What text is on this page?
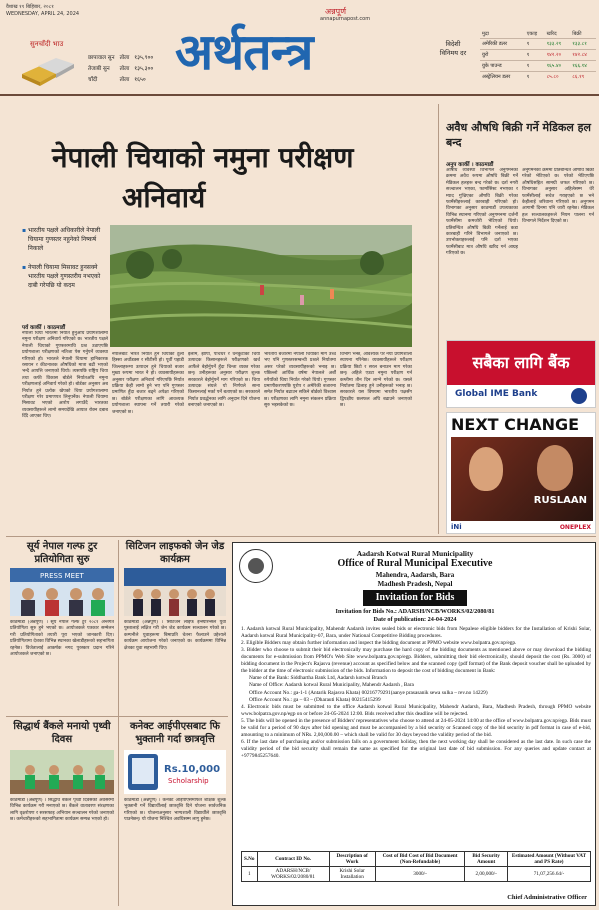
वैशाख ११ बिहिबार, २०८१
WEDNESDAY, APRIL 24, 2024
सुनचाँदी भाउ
छापावाल सुन	तोला	१३५,९००
तेजाबी सुन	तोला	१३५,३००
चाँदी	तोला	१६५०
अन्नपूर्ण
annapurnapost.com
अर्थतन्त्र	विदेशी विनिमय दर
मुद्रा	एकाइ	खरिद	बिक्री
अमेरिकी डलर	१	१३३.२१	१३३.८१
युरो	१	१४२.२०	१४२.८४
युके पाउन्ड	१	१६५.४०	१६६.१४
अस्ट्रेलियन डलर	१	८५.८०	८६.१९
नेपाली चियाको नमुना परीक्षण
अनिवार्य
▪ भारतीय पक्षले अधिकारीले नेपाली चियामा गुणस्तर नहुनेको निष्कर्ष निकाले
▪ नेपाली चियामा मिसावट हुनसक्ने भारतीय पक्षले गुणस्तरीय नभएको दाबी गरेपछि यो कदम
पर्व कार्की । काठमाडौं
नेपाली चिया भारतमा निर्यात हुनुअघि प्रयोगशालामा नमुना परीक्षण अनिवार्य गरिएको छ। भारतीय पक्षले नेपाली चियाको गुणस्तरमाथि प्रश्न उठाएपछि प्रयोगशाला परीक्षणको नतिजा पेस गर्नुपर्ने व्यवस्था गरिएको हो। भारतले नेपाली चियामा हानिकारक रसायन र कीटनाशक औषधिको मात्रा बढी भएको भन्दै आपत्ति जनाएको थियो। त्यसपछि राष्ट्रिय चिया तथा कफी विकास बोर्डले निर्यातअघि नमुना परीक्षणलाई अनिवार्य गरेको हो। बोर्डका अनुसार अब निर्यात हुने प्रत्येक खेपको चिया प्रयोगशालामा परीक्षण गरेर प्रमाणपत्र लिनुपर्नेछ। नेपाली चियामा मिसावट भएको आरोप लगाउँदै भारतका व्यवसायीहरूले लामो समयदेखि आयात रोक्न दबाब दिँदै आएका थिए।
नेपालबाट भारत निर्यात हुने चियाको ठूलो हिस्सा अर्थोडक्स र सीटीसी हो। पूर्वी पहाडी जिल्लाहरूमा उत्पादन हुने चियाको बजार मुख्य रूपमा भारत नै हो। व्यवसायीहरूका अनुसार परीक्षण अनिवार्य गरिएपछि निर्यात प्रक्रिया केही लामो हुने भए पनि गुणस्तर प्रमाणित हुँदा बजार बढ्ने अपेक्षा गरिएको छ। बोर्डले परीक्षणका लागि आवश्यक प्रयोगशाला स्थापना गर्ने तयारी गरेको जनाएको छ।
इलाम, झापा, पाँचथर र धनकुटाका चिया उत्पादक किसानहरूले परीक्षणको खर्च आफैंले बेहोर्नुपर्ने हुँदा चिन्ता व्यक्त गरेका छन्। उनीहरूका अनुसार परीक्षण शुल्क सरकारले बेहोर्नुपर्ने माग गरिएको छ। चिया उत्पादक संघले यो निर्णयले साना किसानलाई मर्का पर्ने बताएको छ। सरकारले निर्यात प्रवर्द्धनका लागि अनुदान दिने योजना बनाएको जनाएको छ।
भारतीय बजारमा नेपाली चियाको माग उच्च भए पनि गुणस्तरसम्बन्धी प्रश्नले निर्यातमा असर परेको व्यवसायीहरूको भनाइ छ। पछिल्लो आर्थिक वर्षमा नेपालले अर्बौं रुपैयाँको चिया निर्यात गरेको थियो। गुणस्तर प्रमाणीकरणपछि युरोप र अमेरिकी बजारमा समेत निर्यात बढाउन सकिने बोर्डको विश्वास छ। परीक्षणका लागि नमुना संकलन प्रक्रिया सुरु भइसकेको छ।
विभाग भन्छ, आवश्यक परे नयाँ प्रयोगशाला स्थापना गरिनेछ। व्यवसायीहरूले परीक्षण प्रक्रिया छिटो र सरल बनाउन माग गरेका छन्। अहिले एउटा नमुना परीक्षण गर्न कम्तीमा तीन दिन लाग्ने गरेको छ। यसले निर्यातमा ढिलाइ हुने उनीहरूको भनाइ छ। सरकारले यस विषयमा भारतीय पक्षसँग द्विपक्षीय छलफल अघि बढाउने जनाएको छ।
अवैध औषधि बिक्री गर्ने मेडिकल हल बन्द
अनुप कार्की । काठमाडौं
औषधि व्यवस्था विभागले अनुगमनका क्रममा अवैध रूपमा औषधि बिक्री गर्ने मेडिकल हलहरू बन्द गरेको छ। दर्ता नगरी सञ्चालन भएका, फार्मासिस्ट नभएका र म्याद गुज्रिएका औषधि बिक्री गरेका फार्मेसीहरूलाई कारबाही गरिएको हो। विभागका अनुसार काठमाडौं उपत्यकाका विभिन्न स्थानमा गरिएको अनुगमनमा दर्जनौं फार्मेसीमा कमजोरी भेटिएको थियो। प्रतिबन्धित औषधि बिक्री गर्नेलाई कडा कारबाही गरिने विभागले जनाएको छ। उपभोक्ताहरूलाई पनि दर्ता भएका फार्मेसीबाट मात्र औषधि खरिद गर्न आग्रह गरिएको छ।
अनुगमनका क्रममा प्रतिबन्धित औषधि बिक्री गरेको भेटिएको छ। परेको भेटिएपछि औषधिसहित सामग्री जफत गरिएको छ। विभागका अनुसार अहिलेसम्म धेरै फार्मेसीलाई सचेत गराइएको छ भने केहीलाई जरिवाना गरिएको छ। अनुगमन आगामी दिनमा पनि जारी रहनेछ। मेडिकल हल सञ्चालकहरूले नियम पालना गर्न विभागले निर्देशन दिएको छ।
सबैका लागि बैंक
Global IME Bank
NEXT CHANGE
RUSLAAN
iNi	ONEPLEX
सूर्य नेपाल गल्फ टुर प्रतियोगिता सुरु
PRESS MEET
काठमाडौं (अन्नपूर्ण) । सूर्य नेपाल गल्फ टुर २०८१ अन्तर्गत प्रतियोगिता सुरु हुने भएको छ। आयोजकले पत्रकार सम्मेलन गरी प्रतियोगिताको तयारी पूरा भएको जानकारी दिए। प्रतियोगितामा देशका विभिन्न स्थानका खेलाडीहरूको सहभागिता रहनेछ। विजेतालाई आकर्षक नगद पुरस्कार प्रदान गरिने आयोजकले जनाएको छ।
सिटिजन लाइफको जेन जेड कार्यक्रम
काठमाडौं (अन्नपूर्ण) । सिटिजन लाइफ इन्स्योरेन्सले युवा पुस्तालाई लक्षित गरी जेन जेड कार्यक्रम सञ्चालन गरेको छ। कम्पनीले युवाहरूमा बिमाप्रति चेतना फैलाउने उद्देश्यले कार्यक्रम आयोजना गरेको जनाएको छ। कार्यक्रममा विभिन्न क्षेत्रका युवा सहभागी थिए।
सिद्धार्थ बैंकले मनायो पृथ्वी दिवस
काठमाडौं (अन्नपूर्ण) । सिद्धार्थ बैंकले पृथ्वी दिवसको अवसरमा विभिन्न कार्यक्रम गरी मनाएको छ। बैंकले वातावरण संरक्षणका लागि वृक्षरोपण र सरसफाइ अभियान सञ्चालन गरेको जनाएको छ। कर्मचारीहरूको सहभागितामा कार्यक्रम सम्पन्न भएको हो।
कनेक्ट आईपीएसबाट फि भुक्तानी गर्दा छात्रवृत्ति
Rs.10,000
Scholarship
काठमाडौं (अन्नपूर्ण) । कनेक्ट आईपीएसमार्फत शैक्षिक शुल्क भुक्तानी गर्ने विद्यार्थीलाई छात्रवृत्ति दिने योजना सार्वजनिक गरिएको छ। योजनाअनुसार भाग्यशाली विद्यार्थीले छात्रवृत्ति पाउनेछन्। यो योजना निश्चित अवधिसम्म लागु हुनेछ।
Aadarsh Kotwal Rural Municipality
Office of Rural Municipal Executive
Mahendra, Aadarsh, Bara
Madhesh Pradesh, Nepal
Invitation for Bids
Invitation for Bids No.: ADARSH/NCB/WORKS/02/2080/81
Date of publication: 24-04-2024

1. Aadarsh kotwal Rural Municipality, Mahendr Aadarsh invites sealed bids or electronic bids from Nepalese eligible bidders for the Installation of Krishi Solar, Aadarsh kotwal Rural Municipality-07, Bara, under National Competitive Bidding procedures.

2. Eligible Bidders may obtain further information and inspect the bidding document at PPMO website www.bolpatra.gov.np/egp.

3. Bidder who choose to submit their bid electronically may purchase the hard copy of the bidding documents as mentioned above or may download the bidding documents for e-submission from PPMO's Web Site www.bolpatra.gov.np/egp. Bidders, submitting their bid electronically, should deposit the cost (Rs. 3000) of bidding document in the Project's Rajasva (revenue) account as specified below and the scanned copy (pdf format) of the Bank deposit voucher shall be uploaded by the bidder at the time of electronic submission of the bids. Information to deposit the cost of bidding document in Bank:

Name of the Bank: Siddhartha Bank Ltd, Aadarsh kotwal Branch

Name of Office: Aadarsh kotwal Rural Municipality, Mahendr Aadarsh , Bara

Office Account No.: ga-1-1 (Antarik Rajasva Khata) 00216779291(aanye prasasanik sewa sulka – rev.no 14229)

Office Account No.: ga – 03 – (Dharauti Khata) 00215415299

4. Electronic bids must be submitted to the office Aadarsh kotwal Rural Municipality, Mahendr Aadarsh, Bara, Madhesh Pradesh, through PPMO website www.bolpatra.gov.np/egp on or before 24-05-2024 12:00. Bids received after this deadline will be rejected.

5. The bids will be opened in the presence of Bidders' representatives who choose to attend at 24-05-2024 14:00 at the office of www.bolpatra.gov.np/egp. Bids must be valid for a period of 90 days after bid opening and must be accompanied by a bid security or Scanned copy of the bid security in pdf format in case of e-bid, amounting to a minimum of NRs. 2,00,000.00 – which shall be valid for 30 days beyond the validity period of the bid.

6. If the last date of purchasing and/or submission falls on a government holiday, then the next working day shall be considered as the last date. In such case the validity period of the bid security shall remain the same as specified for the original last date of bid submission. For any queries and update contact at +9779845257640.

S.No	Contract ID No.	Description of Work	Cost of Bid Cost of Bid Document (Non-Refundable)	Bid Security Amount	Estimated Amount (Without VAT and PS Rate)
1	ADARSH/NCB/ WORKS/02/2080/81	Krishi Solar Installation	3000/-	2,00,000/-	71,07,256.64/-
Chief Administrative Officer
